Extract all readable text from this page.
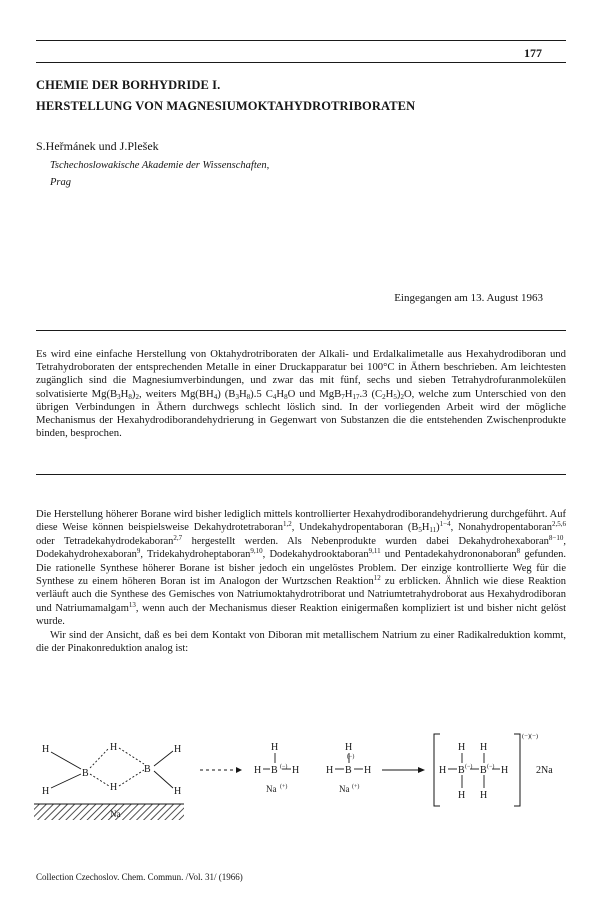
177
CHEMIE DER BORHYDRIDE I.
HERSTELLUNG VON MAGNESIUMOKTAHYDROTRIBORATEN
S.Heřmánek und J.Plešek
Tschechoslowakische Akademie der Wissenschaften,
Prag
Eingegangen am 13. August 1963
Es wird eine einfache Herstellung von Oktahydrotriboraten der Alkali- und Erdalkalimetalle aus Hexahydrodiboran und Tetrahydroboraten der entsprechenden Metalle in einer Druckapparatur bei 100°C in Äthern beschrieben. Am leichtesten zugänglich sind die Magnesiumverbindungen, und zwar das mit fünf, sechs und sieben Tetrahydrofuranmolekülen solvatisierte $Mg(B_3H_8)_2$, weiters $Mg(BH_4)$ $(B_3H_8).5$ $C_4H_8O$ und $MgB_7H_{17}.3$ $(C_2H_5)_2O$, welche zum Unterschied von den übrigen Verbindungen in Äthern durchwegs schlecht löslich sind. In der vorliegenden Arbeit wird der mögliche Mechanismus der Hexahydrodiborandehydrierung in Gegenwart von Substanzen die die entstehenden Zwischenprodukte binden, besprochen.

Die Herstellung höherer Borane wird bisher lediglich mittels kontrollierter Hexahydrodiborandehydrierung durchgeführt. Auf diese Weise können beispielsweise Dekahydrotetraboran$^{1,2}$, Undekahydropentaboran $(B_5H_{11})^{1-4}$, Nonahydropentaboran$^{2,5,6}$ oder Tetradekahydrodekaboran$^{2,7}$ hergestellt werden. Als Nebenprodukte wurden dabei Dekahydrohexaboran$^{8-10}$, Dodekahydrohexaboran$^9$, Tridekahydroheptaboran$^{9,10}$, Dodekahydrooktaboran$^{9,11}$ und Pentadekahydrononaboran$^8$ gefunden. Die rationelle Synthese höherer Borane ist bisher jedoch ein ungelöstes Problem. Der einzige kontrollierte Weg für die Synthese zu einem höheren Boran ist im Analogon der Wurtzschen Reaktion$^{12}$ zu erblicken. Ähnlich wie diese Reaktion verläuft auch die Synthese des Gemisches von Natriumoktahydrotriborat und Natriumtetrahydroborat aus Hexahydrodiboran und Natriumamalgam$^{13}$, wenn auch der Mechanismus dieser Reaktion einigermaßen kompliziert ist und bisher nicht gelöst wurde.

Wir sind der Ansicht, daß es bei dem Kontakt von Diboran mit metallischem Natrium zu einer Radikalreduktion kommt, die der Pinakonreduktion analog ist:

H
H
B
H
H
B
H
H
Na
H
H B (−) H
Na (+)
H
H B
(−)
H
Na (+)
H H
H B (−) B (−) H
H H
(−)(−)
2Na
Collection Czechoslov. Chem. Commun. /Vol. 31/ (1966)
